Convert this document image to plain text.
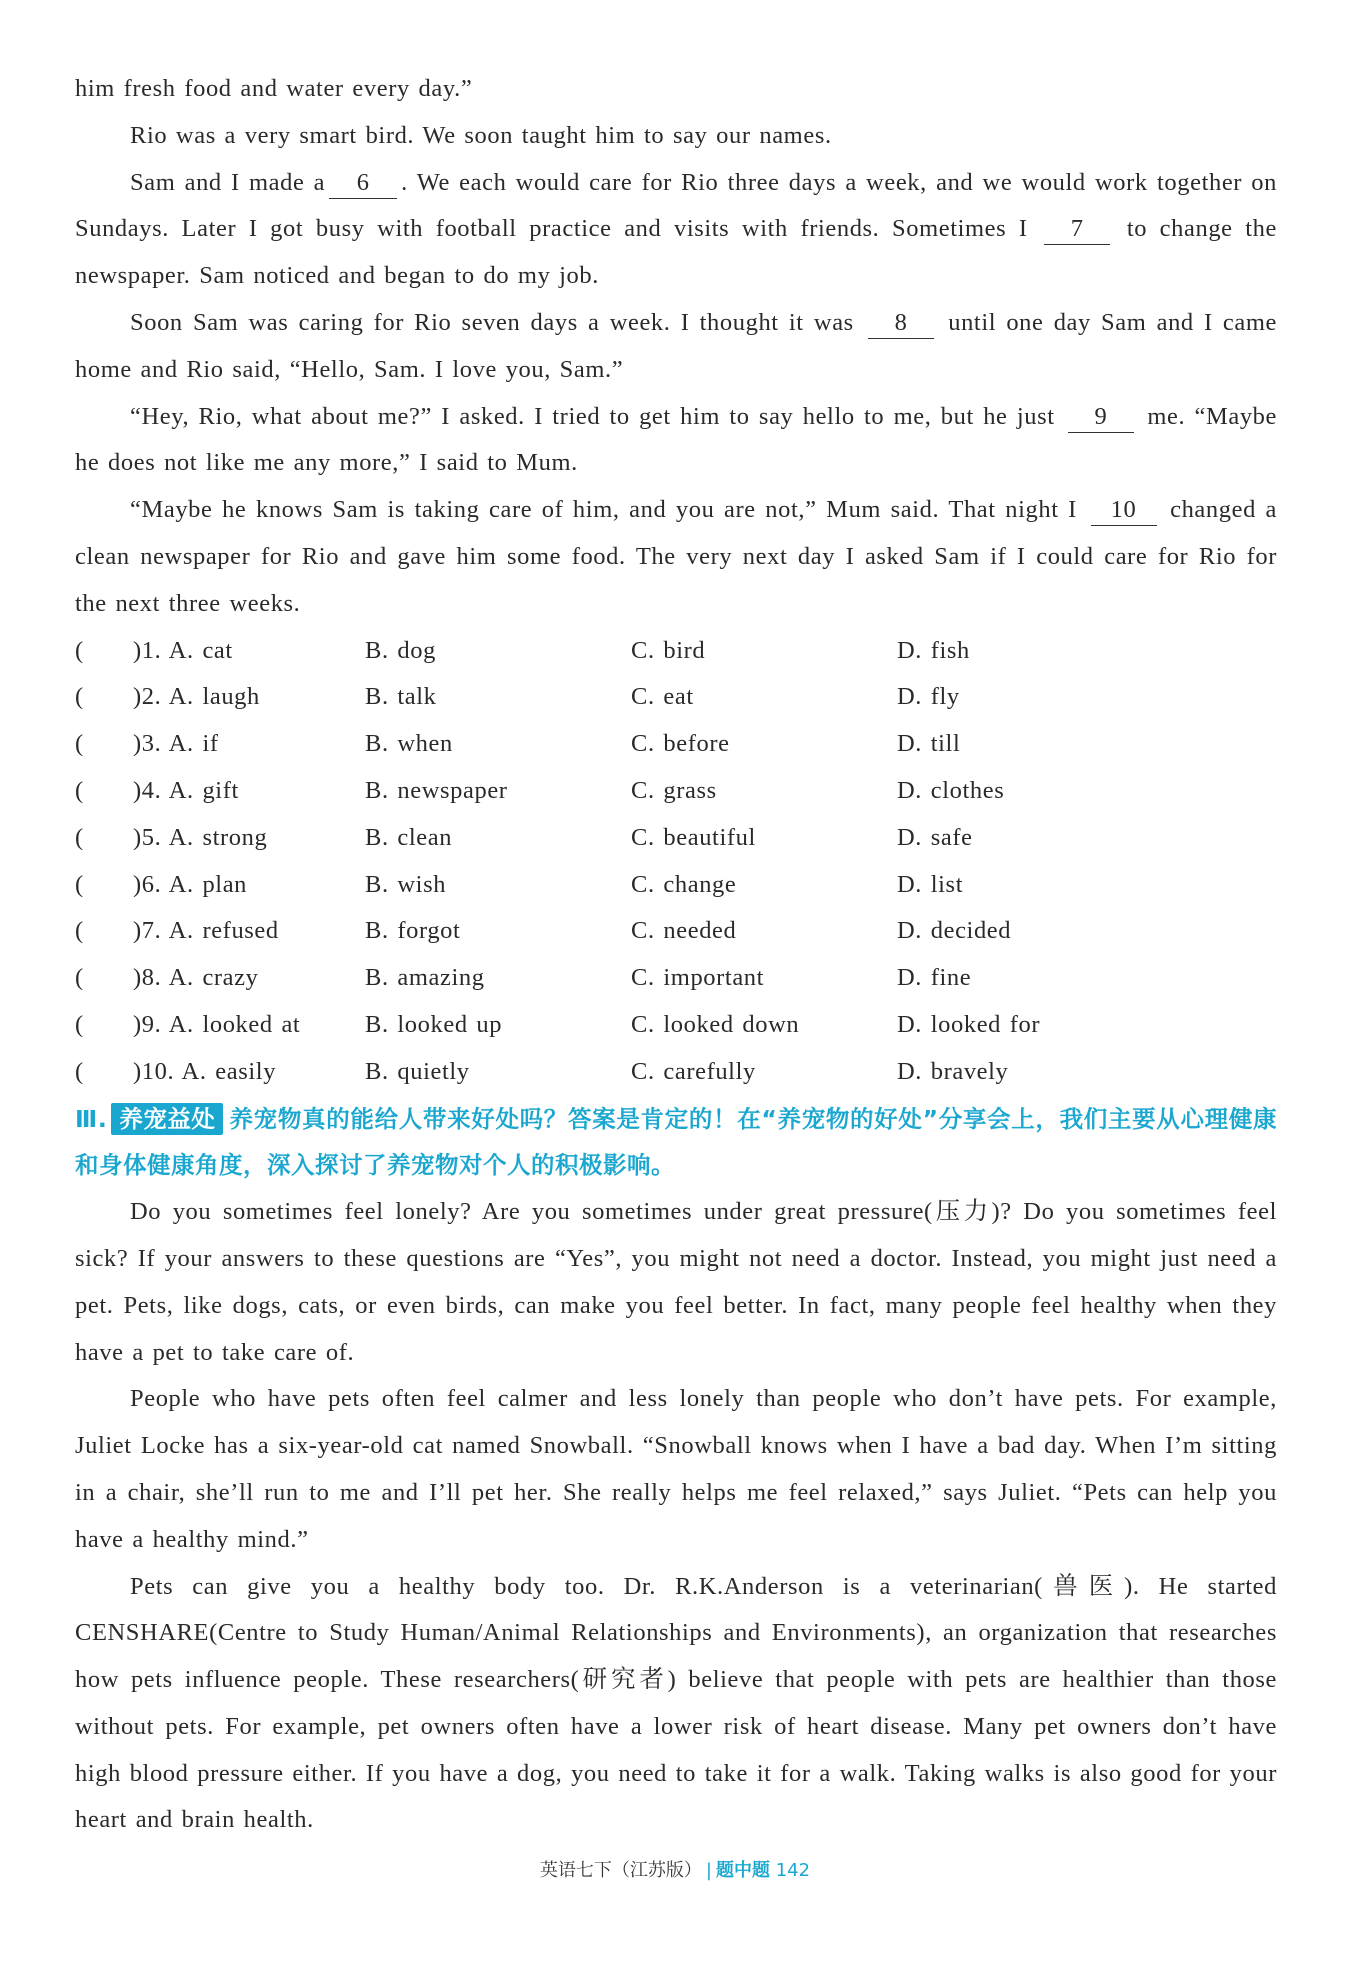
him fresh food and water every day.”

Rio was a very smart bird. We soon taught him to say our names.

Sam and I made a 6 . We each would care for Rio three days a week, and we would work together on Sundays. Later I got busy with football practice and visits with friends. Sometimes I 7 to change the newspaper. Sam noticed and began to do my job.

Soon Sam was caring for Rio seven days a week. I thought it was 8 until one day Sam and I came home and Rio said, “Hello, Sam. I love you, Sam.”

“Hey, Rio, what about me?” I asked. I tried to get him to say hello to me, but he just 9 me. “Maybe he does not like me any more,” I said to Mum.

“Maybe he knows Sam is taking care of him, and you are not,” Mum said. That night I 10 changed a clean newspaper for Rio and gave him some food. The very next day I asked Sam if I could care for Rio for the next three weeks.

(	)1. A. cat	B. dog	C. bird	D. fish
(	)2. A. laugh	B. talk	C. eat	D. fly
(	)3. A. if	B. when	C. before	D. till
(	)4. A. gift	B. newspaper	C. grass	D. clothes
(	)5. A. strong	B. clean	C. beautiful	D. safe
(	)6. A. plan	B. wish	C. change	D. list
(	)7. A. refused	B. forgot	C. needed	D. decided
(	)8. A. crazy	B. amazing	C. important	D. fine
(	)9. A. looked at	B. looked up	C. looked down	D. looked for
(	)10. A. easily	B. quietly	C. carefully	D. bravely

Ⅲ. 养宠益处 养宠物真的能给人带来好处吗？答案是肯定的！在“养宠物的好处”分享会上，我们主要从心理健康和身体健康角度，深入探讨了养宠物对个人的积极影响。

Do you sometimes feel lonely? Are you sometimes under great pressure(压力)? Do you sometimes feel sick? If your answers to these questions are “Yes”, you might not need a doctor. Instead, you might just need a pet. Pets, like dogs, cats, or even birds, can make you feel better. In fact, many people feel healthy when they have a pet to take care of.

People who have pets often feel calmer and less lonely than people who don’t have pets. For example, Juliet Locke has a six-year-old cat named Snowball. “Snowball knows when I have a bad day. When I’m sitting in a chair, she’ll run to me and I’ll pet her. She really helps me feel relaxed,” says Juliet. “Pets can help you have a healthy mind.”

Pets can give you a healthy body too. Dr. R.K.Anderson is a veterinarian(兽医). He started CENSHARE(Centre to Study Human/Animal Relationships and Environments), an organization that researches how pets influence people. These researchers(研究者) believe that people with pets are healthier than those without pets. For example, pet owners often have a lower risk of heart disease. Many pet owners don’t have high blood pressure either. If you have a dog, you need to take it for a walk. Taking walks is also good for your heart and brain health.

英语七下（江苏版） | 题中题 142
